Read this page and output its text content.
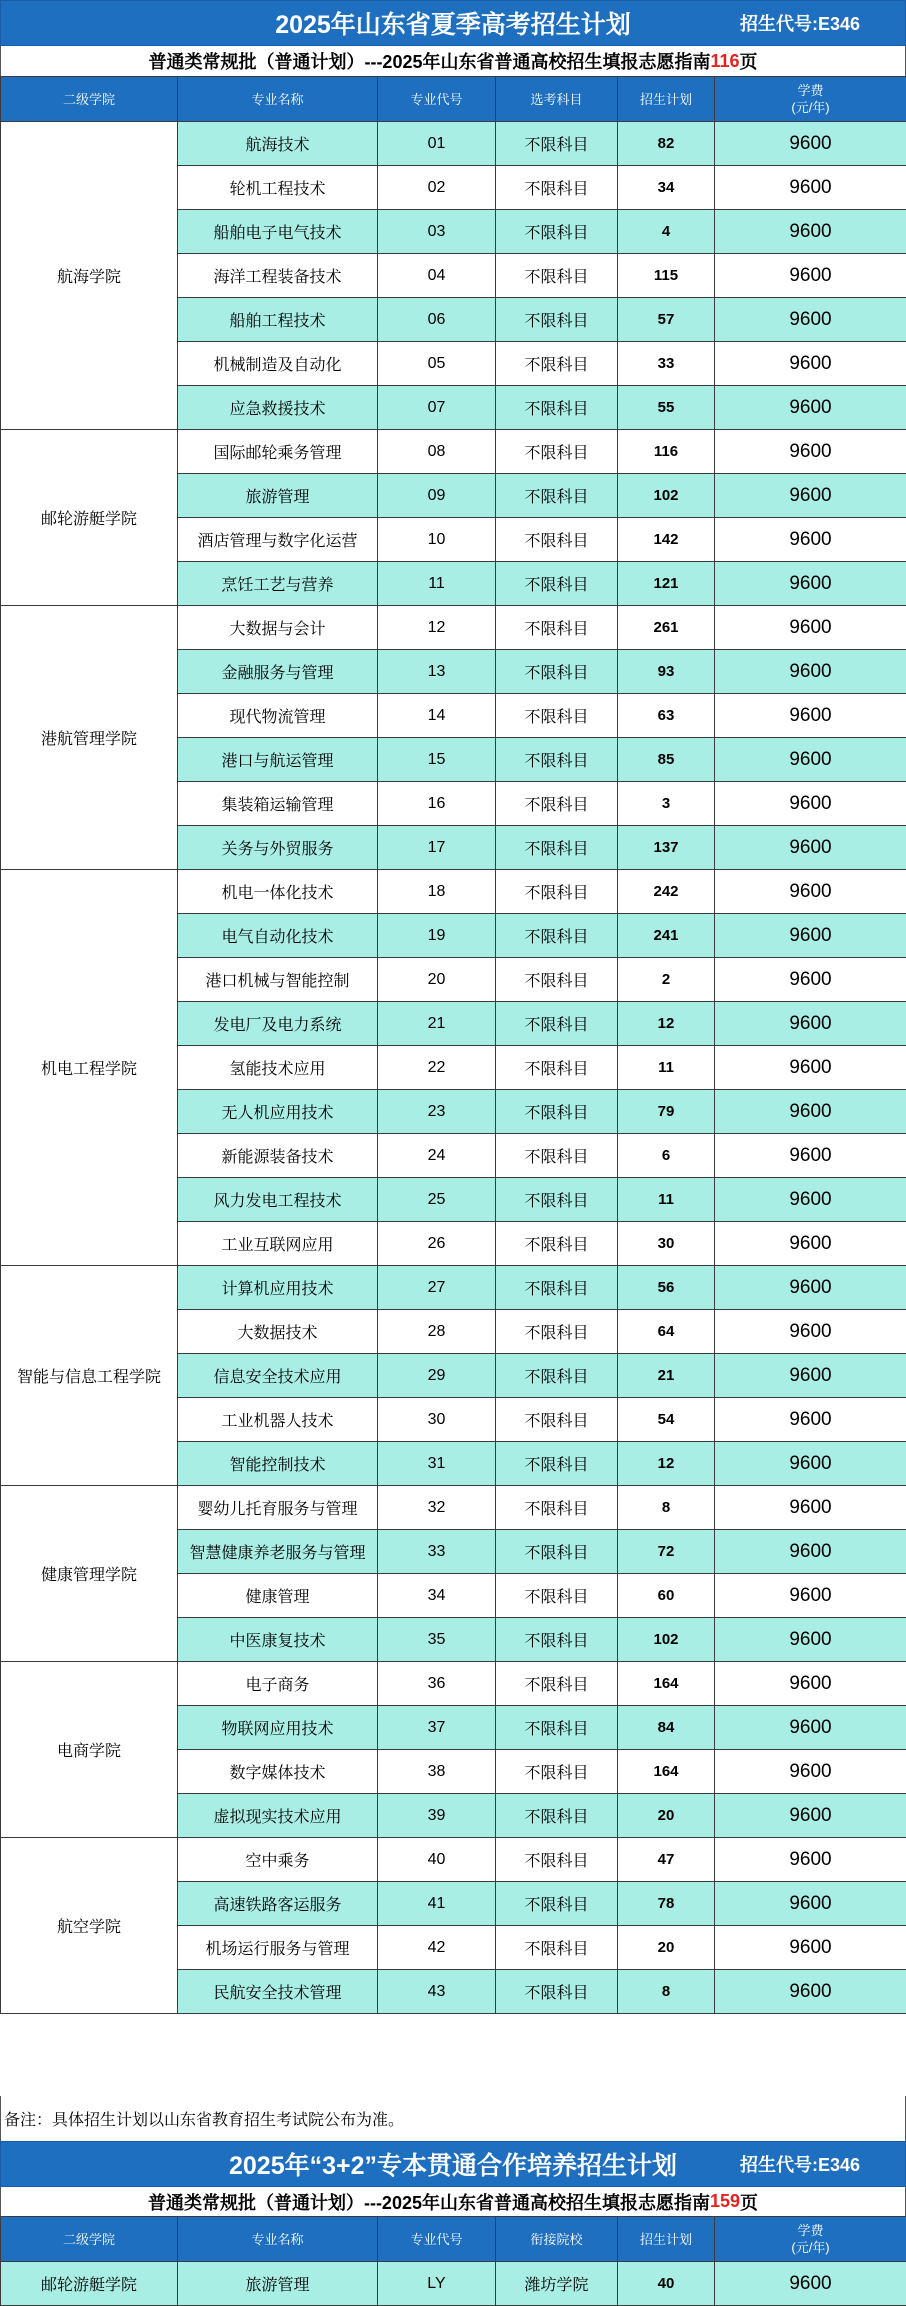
2025年山东省夏季高考招生计划	招生代号:E346
普通类常规批（普通计划）---2025年山东省普通高校招生填报志愿指南 116 页
二级学院	专业名称	专业代号	选考科目	招生计划	学费
(元/年)
航海学院	航海技术	01	不限科目	82	9600
	轮机工程技术	02	不限科目	34	9600
	船舶电子电气技术	03	不限科目	4	9600
	海洋工程装备技术	04	不限科目	115	9600
	船舶工程技术	06	不限科目	57	9600
	机械制造及自动化	05	不限科目	33	9600
	应急救援技术	07	不限科目	55	9600
邮轮游艇学院	国际邮轮乘务管理	08	不限科目	116	9600
	旅游管理	09	不限科目	102	9600
	酒店管理与数字化运营	10	不限科目	142	9600
	烹饪工艺与营养	11	不限科目	121	9600
港航管理学院	大数据与会计	12	不限科目	261	9600
	金融服务与管理	13	不限科目	93	9600
	现代物流管理	14	不限科目	63	9600
	港口与航运管理	15	不限科目	85	9600
	集装箱运输管理	16	不限科目	3	9600
	关务与外贸服务	17	不限科目	137	9600
机电工程学院	机电一体化技术	18	不限科目	242	9600
	电气自动化技术	19	不限科目	241	9600
	港口机械与智能控制	20	不限科目	2	9600
	发电厂及电力系统	21	不限科目	12	9600
	氢能技术应用	22	不限科目	11	9600
	无人机应用技术	23	不限科目	79	9600
	新能源装备技术	24	不限科目	6	9600
	风力发电工程技术	25	不限科目	11	9600
	工业互联网应用	26	不限科目	30	9600
智能与信息工程学院	计算机应用技术	27	不限科目	56	9600
	大数据技术	28	不限科目	64	9600
	信息安全技术应用	29	不限科目	21	9600
	工业机器人技术	30	不限科目	54	9600
	智能控制技术	31	不限科目	12	9600
健康管理学院	婴幼儿托育服务与管理	32	不限科目	8	9600
	智慧健康养老服务与管理	33	不限科目	72	9600
	健康管理	34	不限科目	60	9600
	中医康复技术	35	不限科目	102	9600
电商学院	电子商务	36	不限科目	164	9600
	物联网应用技术	37	不限科目	84	9600
	数字媒体技术	38	不限科目	164	9600
	虚拟现实技术应用	39	不限科目	20	9600
航空学院	空中乘务	40	不限科目	47	9600
	高速铁路客运服务	41	不限科目	78	9600
	机场运行服务与管理	42	不限科目	20	9600
	民航安全技术管理	43	不限科目	8	9600
备注：具体招生计划以山东省教育招生考试院公布为准。
2025年“3+2”专本贯通合作培养招生计划	招生代号:E346
普通类常规批（普通计划）---2025年山东省普通高校招生填报志愿指南 159 页
二级学院	专业名称	专业代号	衔接院校	招生计划	学费
(元/年)
邮轮游艇学院	旅游管理	LY	潍坊学院	40	9600
